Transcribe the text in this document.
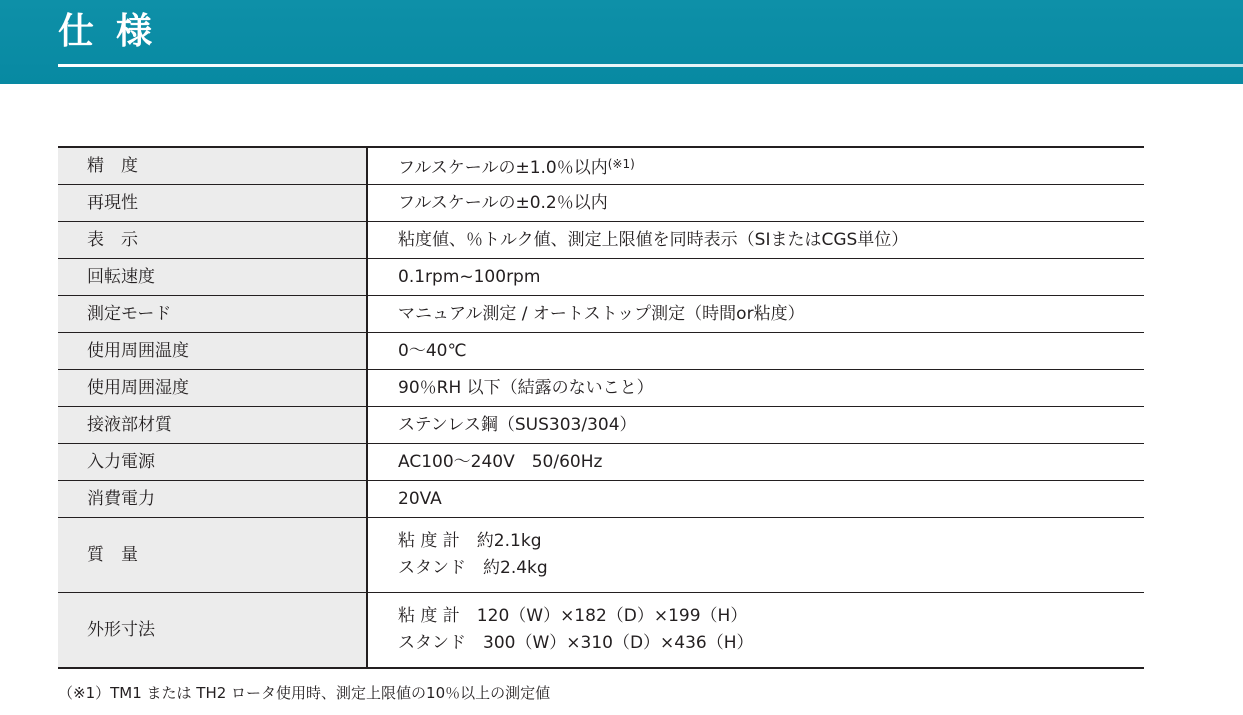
仕様
精　度	フルスケールの±1.0％以内$^{(※1)}$
再現性	フルスケールの±0.2％以内
表　示	粘度値、％トルク値、測定上限値を同時表示（SIまたはCGS単位）
回転速度	0.1rpm~100rpm
測定モード	マニュアル測定 / オートストップ測定（時間or粘度）
使用周囲温度	0～40℃
使用周囲湿度	90％RH 以下（結露のないこと）
接液部材質	ステンレス鋼（SUS303/304）
入力電源	AC100～240V　50/60Hz
消費電力	20VA
質　量	粘 度 計　約2.1kg
スタンド　約2.4kg

外形寸法	粘 度 計　120（W）×182（D）×199（H）
スタンド　300（W）×310（D）×436（H）
（※1）TM1 または TH2 ロータ使用時、測定上限値の10％以上の測定値
